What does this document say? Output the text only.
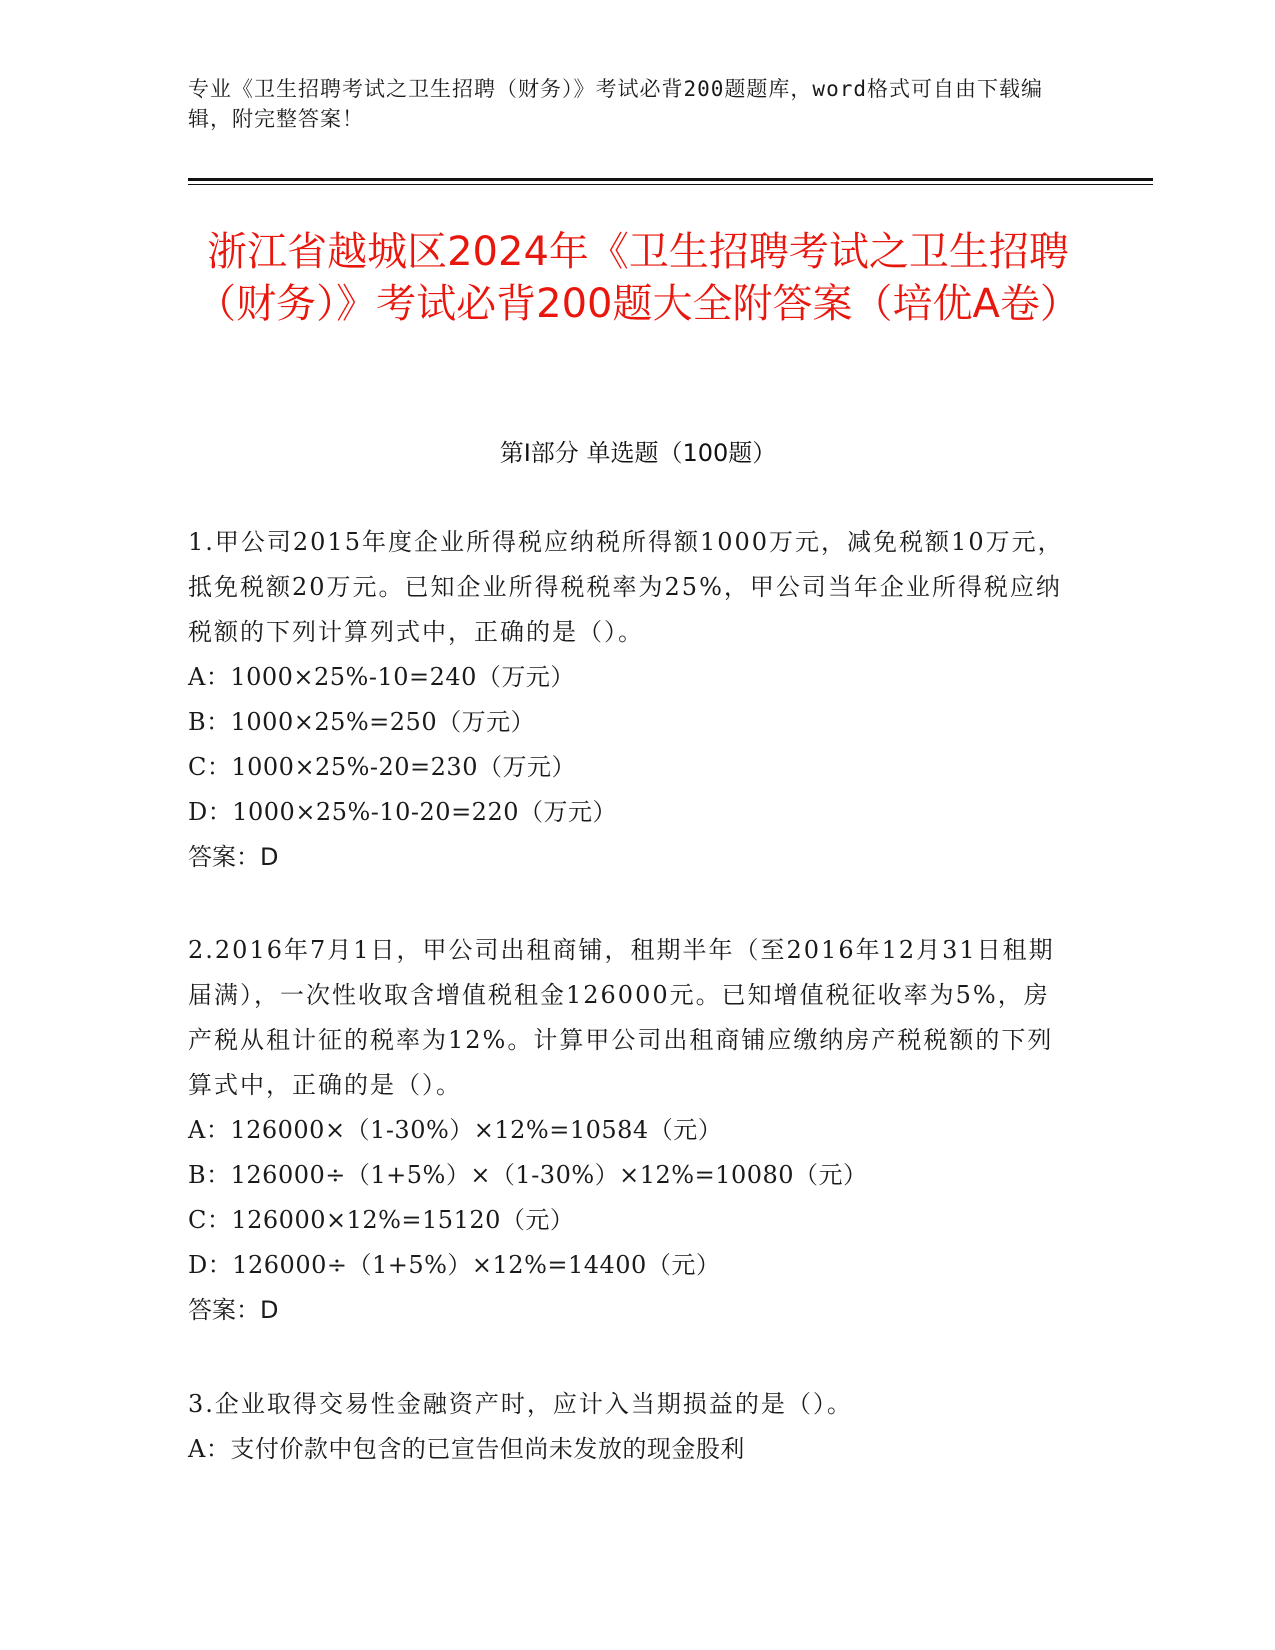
专业《卫生招聘考试之卫生招聘（财务）》考试必背200题题库，word格式可自由下载编辑，附完整答案！
浙江省越城区2024年《卫生招聘考试之卫生招聘（财务）》考试必背200题大全附答案（培优A卷）
第I部分 单选题（100题）
1.甲公司2015年度企业所得税应纳税所得额1000万元，减免税额10万元，抵免税额20万元。已知企业所得税税率为25%，甲公司当年企业所得税应纳税额的下列计算列式中，正确的是（）。
A：1000×25%-10=240（万元）
B：1000×25%=250（万元）
C：1000×25%-20=230（万元）
D：1000×25%-10-20=220（万元）
答案：D
2.2016年7月1日，甲公司出租商铺，租期半年（至2016年12月31日租期届满），一次性收取含增值税租金126000元。已知增值税征收率为5%，房产税从租计征的税率为12%。计算甲公司出租商铺应缴纳房产税税额的下列算式中，正确的是（）。
A：126000×（1-30%）×12%=10584（元）
B：126000÷（1+5%）×（1-30%）×12%=10080（元）
C：126000×12%=15120（元）
D：126000÷（1+5%）×12%=14400（元）
答案：D
3.企业取得交易性金融资产时，应计入当期损益的是（）。
A：支付价款中包含的已宣告但尚未发放的现金股利
